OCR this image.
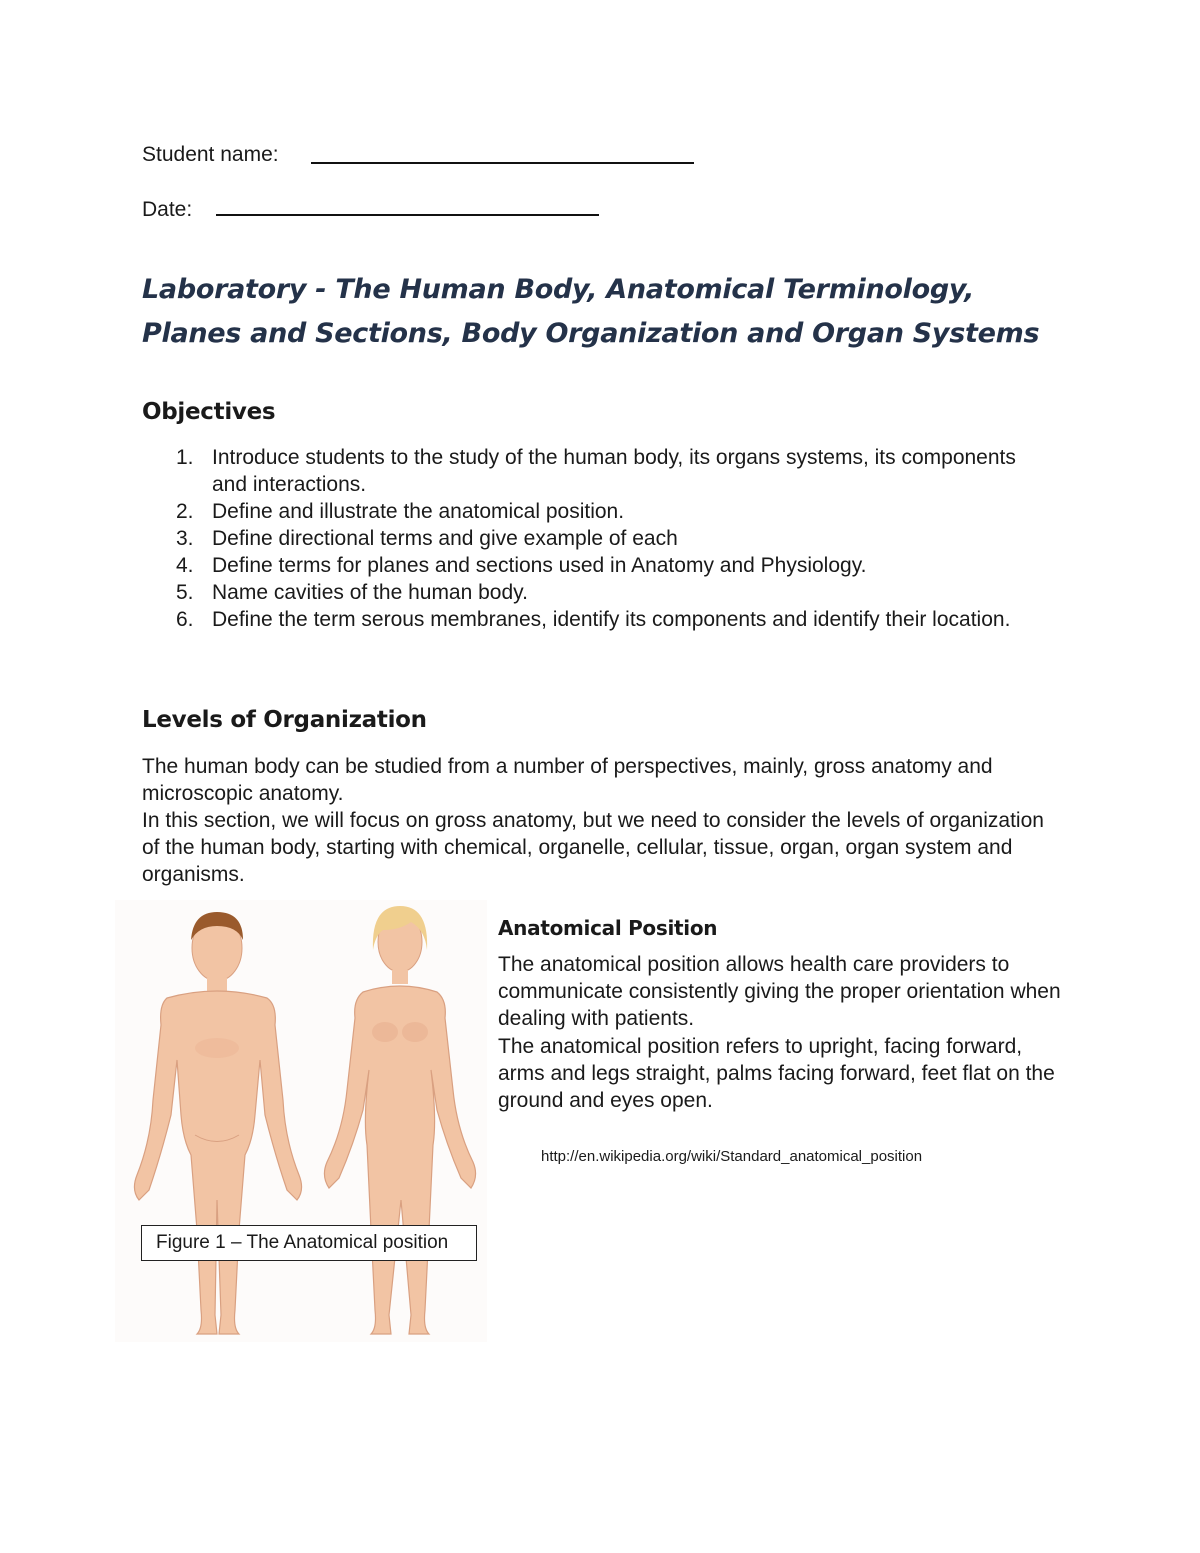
Student name:
Date:
Laboratory - The Human Body, Anatomical Terminology,
Planes and Sections, Body Organization and Organ Systems
Objectives
1. Introduce students to the study of the human body, its organs systems, its components and interactions.
2. Define and illustrate the anatomical position.
3. Define directional terms and give example of each
4. Define terms for planes and sections used in Anatomy and Physiology.
5. Name cavities of the human body.
6. Define the term serous membranes, identify its components and identify their location.
Levels of Organization

The human body can be studied from a number of perspectives, mainly, gross anatomy and microscopic anatomy.

In this section, we will focus on gross anatomy, but we need to consider the levels of organization of the human body, starting with chemical, organelle, cellular, tissue, organ, organ system and organisms.

Figure 1 – The Anatomical position
Anatomical Position

The anatomical position allows health care providers to communicate consistently giving the proper orientation when dealing with patients.

The anatomical position refers to upright, facing forward, arms and legs straight, palms facing forward, feet flat on the ground and eyes open.

http://en.wikipedia.org/wiki/Standard_anatomical_position
